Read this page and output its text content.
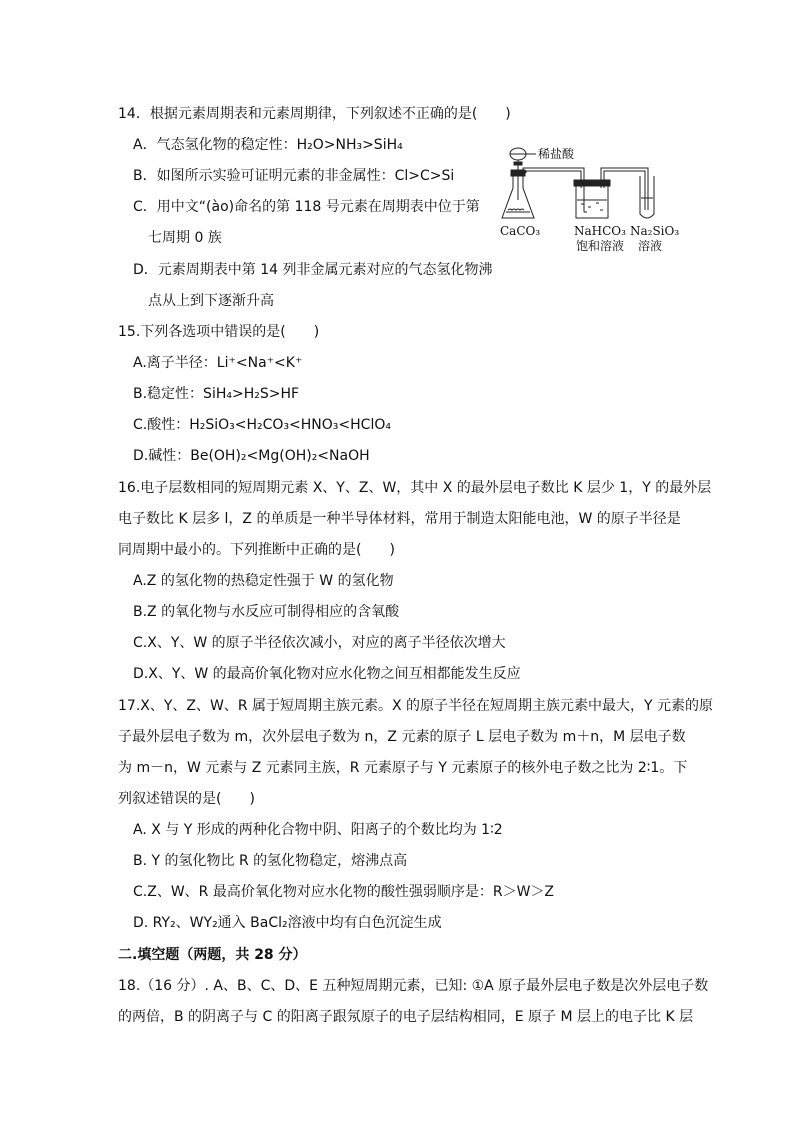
14．根据元素周期表和元素周期律，下列叙述不正确的是(　　)
A．气态氢化物的稳定性：H₂O>NH₃>SiH₄
B．如图所示实验可证明元素的非金属性：Cl>C>Si
C．用中文“(ào)命名的第 118 号元素在周期表中位于第
七周期 0 族
D．元素周期表中第 14 列非金属元素对应的气态氢化物沸
点从上到下逐渐升高
稀盐酸
CaCO₃	NaHCO₃
饱和溶液
Na₂SiO₃
溶液
15.下列各选项中错误的是(　　)
A.离子半径：Li⁺<Na⁺<K⁺
B.稳定性：SiH₄>H₂S>HF
C.酸性：H₂SiO₃<H₂CO₃<HNO₃<HClO₄
D.碱性：Be(OH)₂<Mg(OH)₂<NaOH
16.电子层数相同的短周期元素 X、Y、Z、W，其中 X 的最外层电子数比 K 层少 1，Y 的最外层
电子数比 K 层多 l，Z 的单质是一种半导体材料，常用于制造太阳能电池，W 的原子半径是
同周期中最小的。下列推断中正确的是(　　)
A.Z 的氢化物的热稳定性强于 W 的氢化物
B.Z 的氧化物与水反应可制得相应的含氧酸
C.X、Y、W 的原子半径依次减小，对应的离子半径依次增大
D.X、Y、W 的最高价氧化物对应水化物之间互相都能发生反应
17.X、Y、Z、W、R 属于短周期主族元素。X 的原子半径在短周期主族元素中最大，Y 元素的原
子最外层电子数为 m，次外层电子数为 n，Z 元素的原子 L 层电子数为 m＋n，M 层电子数
为 m－n，W 元素与 Z 元素同主族，R 元素原子与 Y 元素原子的核外电子数之比为 2∶1。下
列叙述错误的是(　　)
A. X 与 Y 形成的两种化合物中阴、阳离子的个数比均为 1∶2
B. Y 的氢化物比 R 的氢化物稳定，熔沸点高
C.Z、W、R 最高价氧化物对应水化物的酸性强弱顺序是：R＞W＞Z
D. RY₂、WY₂通入 BaCl₂溶液中均有白色沉淀生成
二.填空题（两题，共 28 分）
18.（16 分）. A、B、C、D、E 五种短周期元素，已知: ①A 原子最外层电子数是次外层电子数
的两倍，B 的阴离子与 C 的阳离子跟氖原子的电子层结构相同，E 原子 M 层上的电子比 K 层
